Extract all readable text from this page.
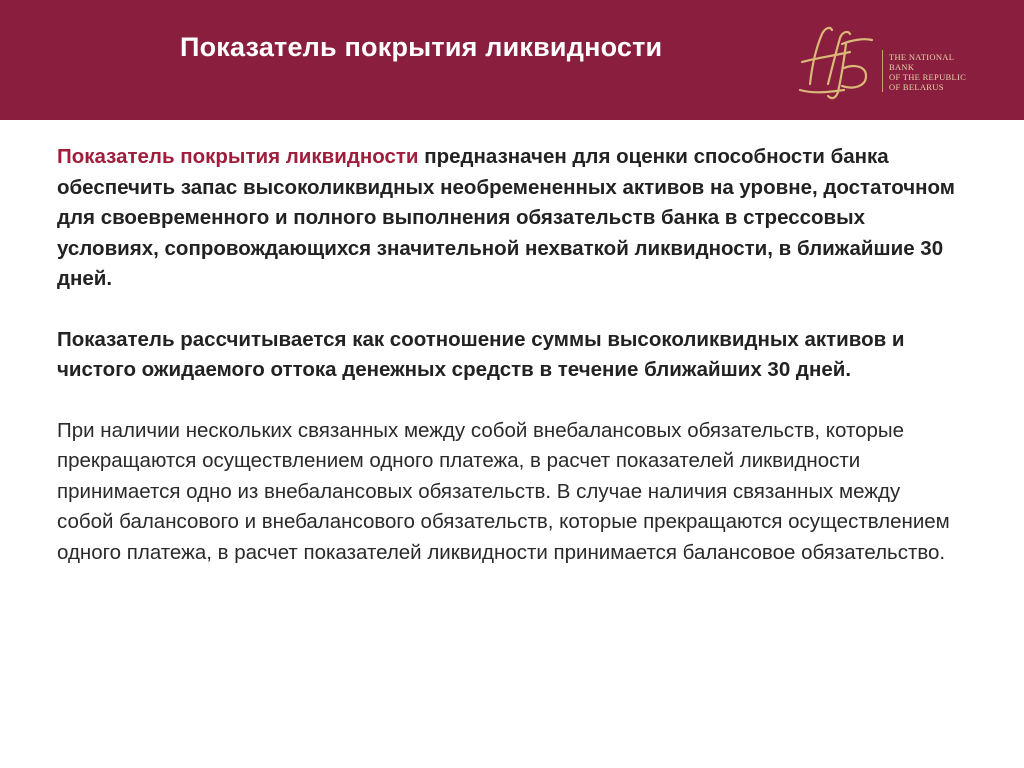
Показатель покрытия ликвидности	THE NATIONAL
BANK
OF THE REPUBLIC
OF BELARUS

Показатель покрытия ликвидности предназначен для оценки способности банка обеспечить запас высоколиквидных необремененных активов на уровне, достаточном для своевременного и полного выполнения обязательств банка в стрессовых условиях, сопровождающихся значительной нехваткой ликвидности, в ближайшие 30 дней.

Показатель рассчитывается как соотношение суммы высоколиквидных активов и чистого ожидаемого оттока денежных средств в течение ближайших 30 дней.

При наличии нескольких связанных между собой внебалансовых обязательств, которые прекращаются осуществлением одного платежа, в расчет показателей ликвидности принимается одно из внебалансовых обязательств. В случае наличия связанных между собой балансового и внебалансового обязательств, которые прекращаются осуществлением одного платежа, в расчет показателей ликвидности принимается балансовое обязательство.
